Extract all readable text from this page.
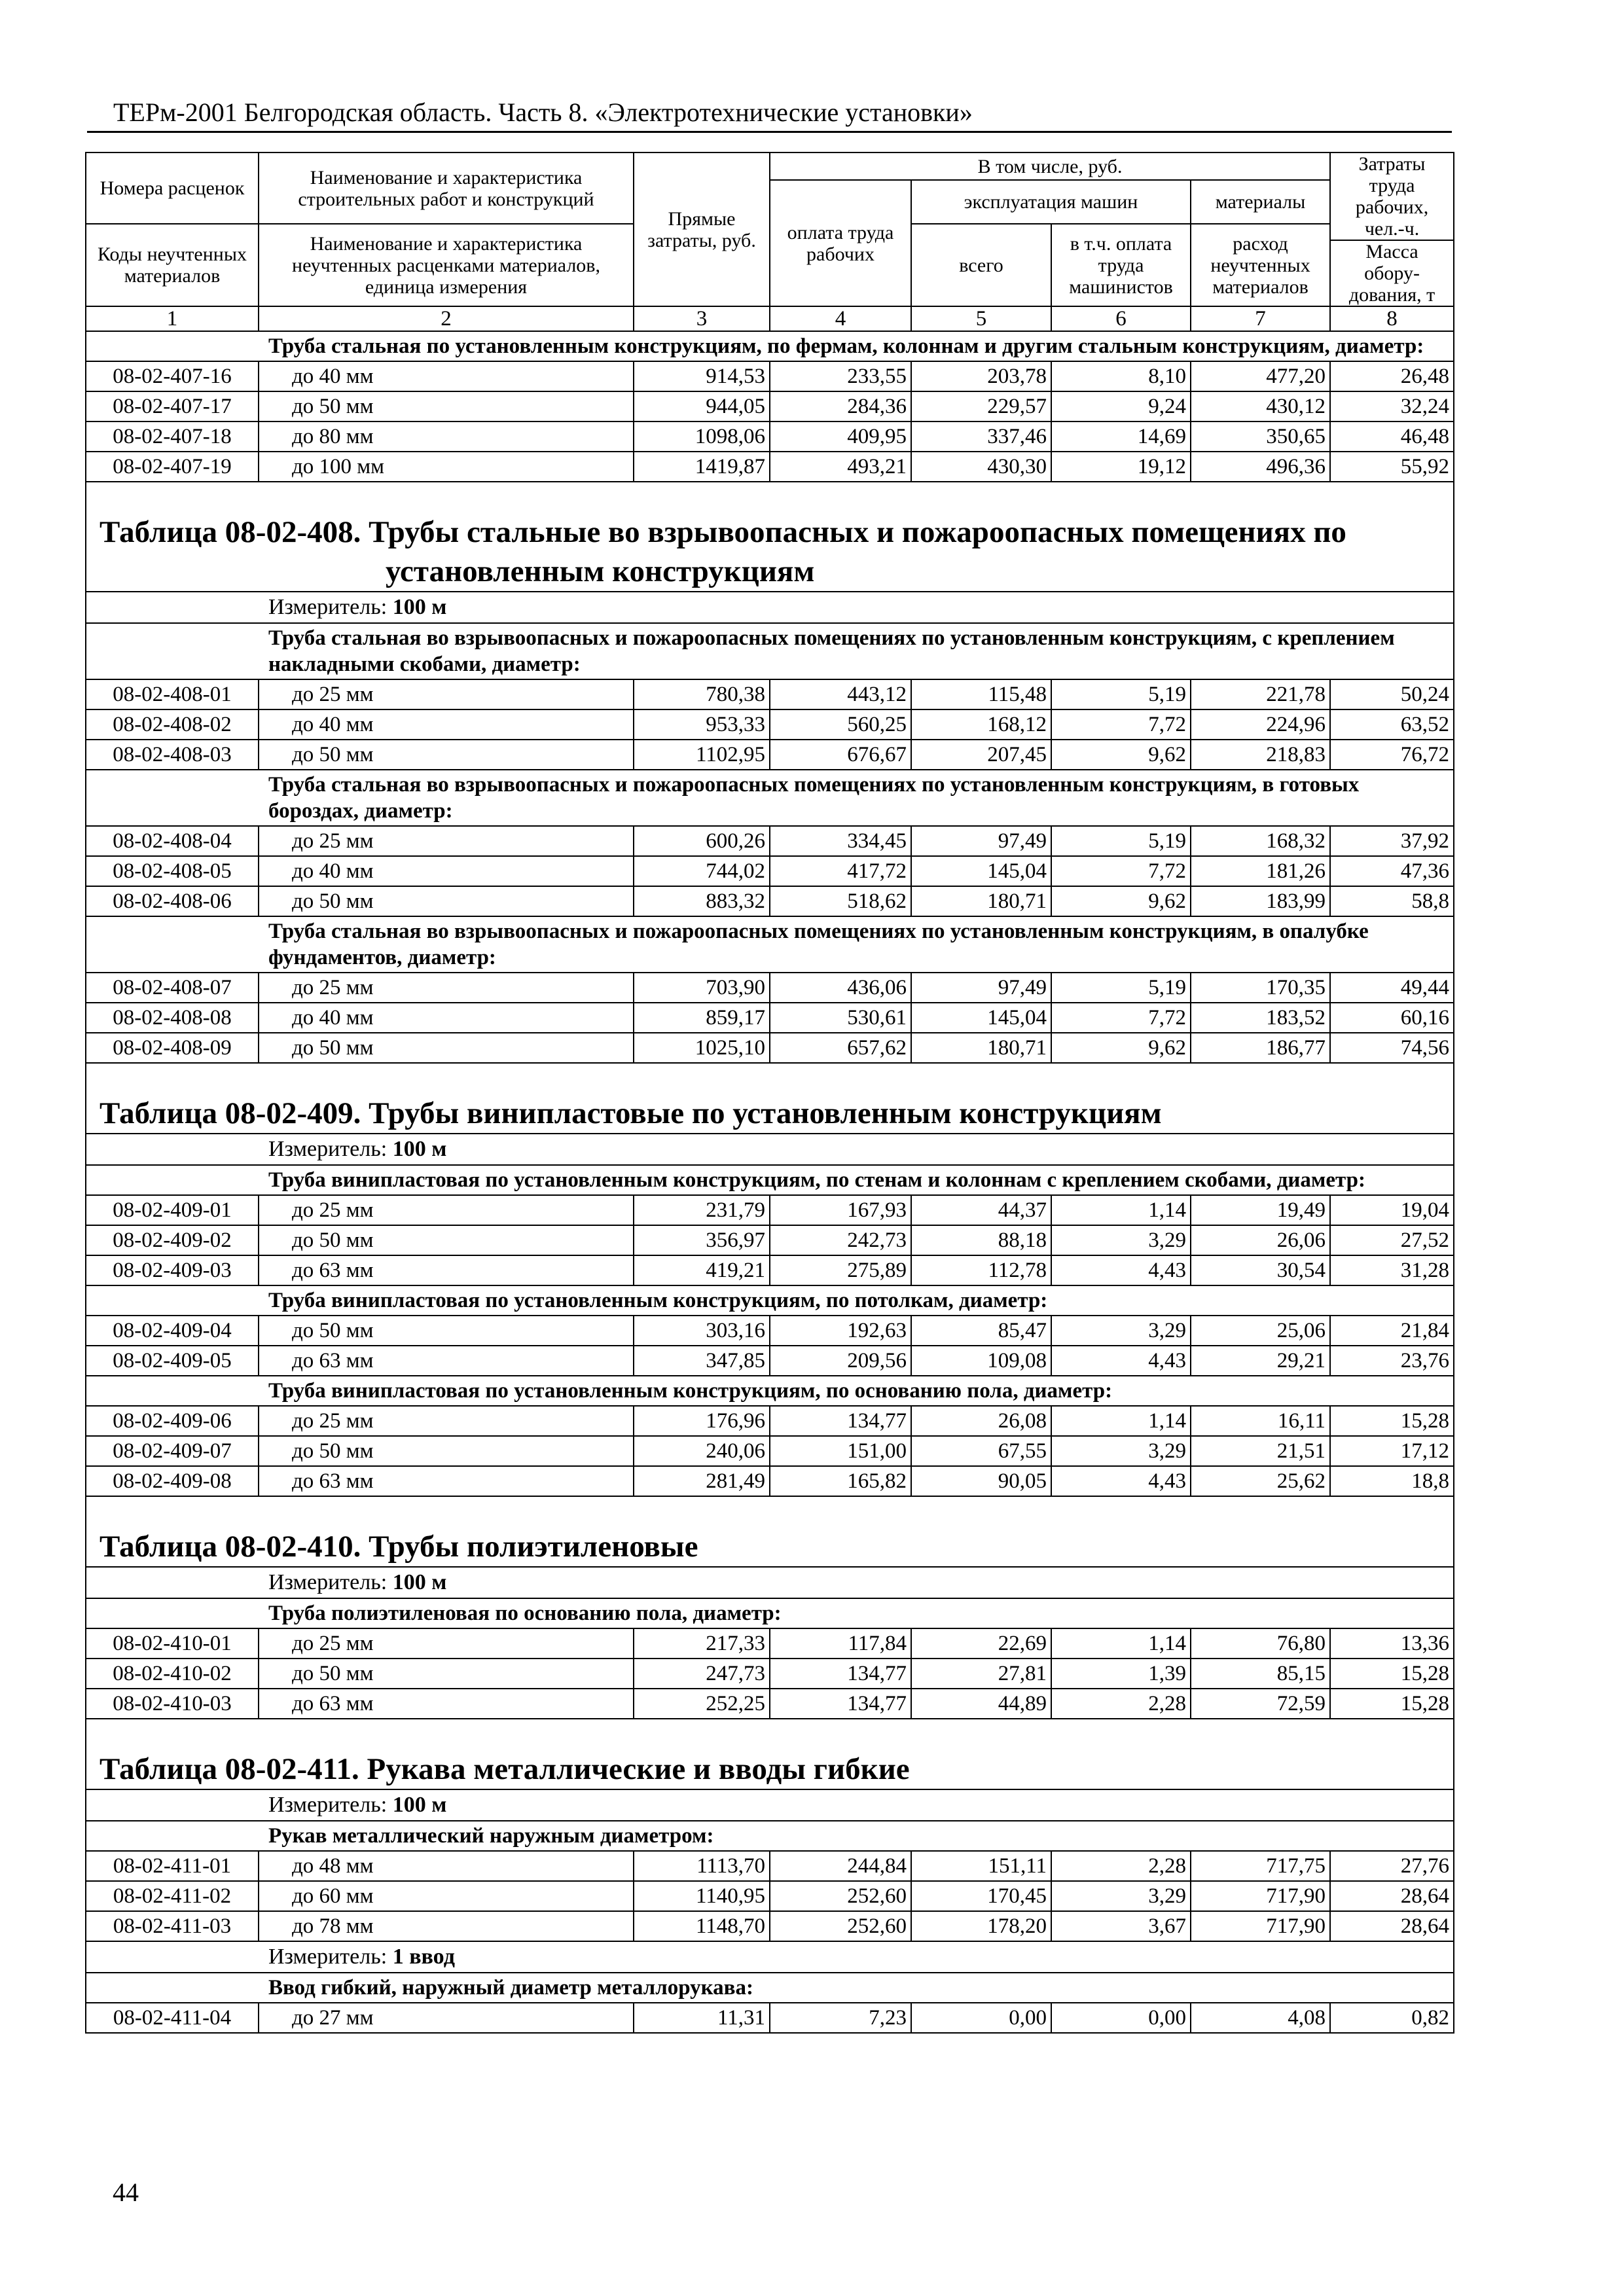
ТЕРм-2001 Белгородская область. Часть 8. «Электротехнические установки»
Номера расценок	Наименование и характеристика строительных работ и конструкций	Прямые затраты, руб.	В том числе, руб.				Затраты труда рабочих, чел.-ч.
			оплата труда рабочих	эксплуатация машин		материалы	
Коды неучтенных материалов	Наименование и характеристика неучтенных расценками материалов, единица измерения			всего	в т.ч. оплата труда машинистов	расход неучтенных материалов	
							Масса обору-дования, т
1	2	3	4	5	6	7	8
Труба стальная по установленным конструкциям, по фермам, колоннам и другим стальным конструкциям, диаметр:							
08-02-407-16	до 40 мм	914,53	233,55	203,78	8,10	477,20	26,48
08-02-407-17	до 50 мм	944,05	284,36	229,57	9,24	430,12	32,24
08-02-407-18	до 80 мм	1098,06	409,95	337,46	14,69	350,65	46,48
08-02-407-19	до 100 мм	1419,87	493,21	430,30	19,12	496,36	55,92

Таблица 08-02-408. Трубы стальные во взрывоопасных и пожароопасных помещениях по
установленным конструкциям							

Измеритель: 100 м							
Труба стальная во взрывоопасных и пожароопасных помещениях по установленным конструкциям, с креплением накладными скобами, диаметр:							
08-02-408-01	до 25 мм	780,38	443,12	115,48	5,19	221,78	50,24
08-02-408-02	до 40 мм	953,33	560,25	168,12	7,72	224,96	63,52
08-02-408-03	до 50 мм	1102,95	676,67	207,45	9,62	218,83	76,72
Труба стальная во взрывоопасных и пожароопасных помещениях по установленным конструкциям, в готовых бороздах, диаметр:							
08-02-408-04	до 25 мм	600,26	334,45	97,49	5,19	168,32	37,92
08-02-408-05	до 40 мм	744,02	417,72	145,04	7,72	181,26	47,36
08-02-408-06	до 50 мм	883,32	518,62	180,71	9,62	183,99	58,8
Труба стальная во взрывоопасных и пожароопасных помещениях по установленным конструкциям, в опалубке фундаментов, диаметр:							
08-02-408-07	до 25 мм	703,90	436,06	97,49	5,19	170,35	49,44
08-02-408-08	до 40 мм	859,17	530,61	145,04	7,72	183,52	60,16
08-02-408-09	до 50 мм	1025,10	657,62	180,71	9,62	186,77	74,56

Таблица 08-02-409. Трубы винипластовые по установленным конструкциям							
Измеритель: 100 м							
Труба винипластовая по установленным конструкциям, по стенам и колоннам с креплением скобами, диаметр:							
08-02-409-01	до 25 мм	231,79	167,93	44,37	1,14	19,49	19,04
08-02-409-02	до 50 мм	356,97	242,73	88,18	3,29	26,06	27,52
08-02-409-03	до 63 мм	419,21	275,89	112,78	4,43	30,54	31,28
Труба винипластовая по установленным конструкциям, по потолкам, диаметр:							
08-02-409-04	до 50 мм	303,16	192,63	85,47	3,29	25,06	21,84
08-02-409-05	до 63 мм	347,85	209,56	109,08	4,43	29,21	23,76
Труба винипластовая по установленным конструкциям, по основанию пола, диаметр:							
08-02-409-06	до 25 мм	176,96	134,77	26,08	1,14	16,11	15,28
08-02-409-07	до 50 мм	240,06	151,00	67,55	3,29	21,51	17,12
08-02-409-08	до 63 мм	281,49	165,82	90,05	4,43	25,62	18,8

Таблица 08-02-410. Трубы полиэтиленовые							
Измеритель: 100 м							
Труба полиэтиленовая по основанию пола, диаметр:							
08-02-410-01	до 25 мм	217,33	117,84	22,69	1,14	76,80	13,36
08-02-410-02	до 50 мм	247,73	134,77	27,81	1,39	85,15	15,28
08-02-410-03	до 63 мм	252,25	134,77	44,89	2,28	72,59	15,28

Таблица 08-02-411. Рукава металлические и вводы гибкие							
Измеритель: 100 м							
Рукав металлический наружным диаметром:							
08-02-411-01	до 48 мм	1113,70	244,84	151,11	2,28	717,75	27,76
08-02-411-02	до 60 мм	1140,95	252,60	170,45	3,29	717,90	28,64
08-02-411-03	до 78 мм	1148,70	252,60	178,20	3,67	717,90	28,64
Измеритель: 1 ввод							
Ввод гибкий, наружный диаметр металлорукава:							
08-02-411-04	до 27 мм	11,31	7,23	0,00	0,00	4,08	0,82
44
